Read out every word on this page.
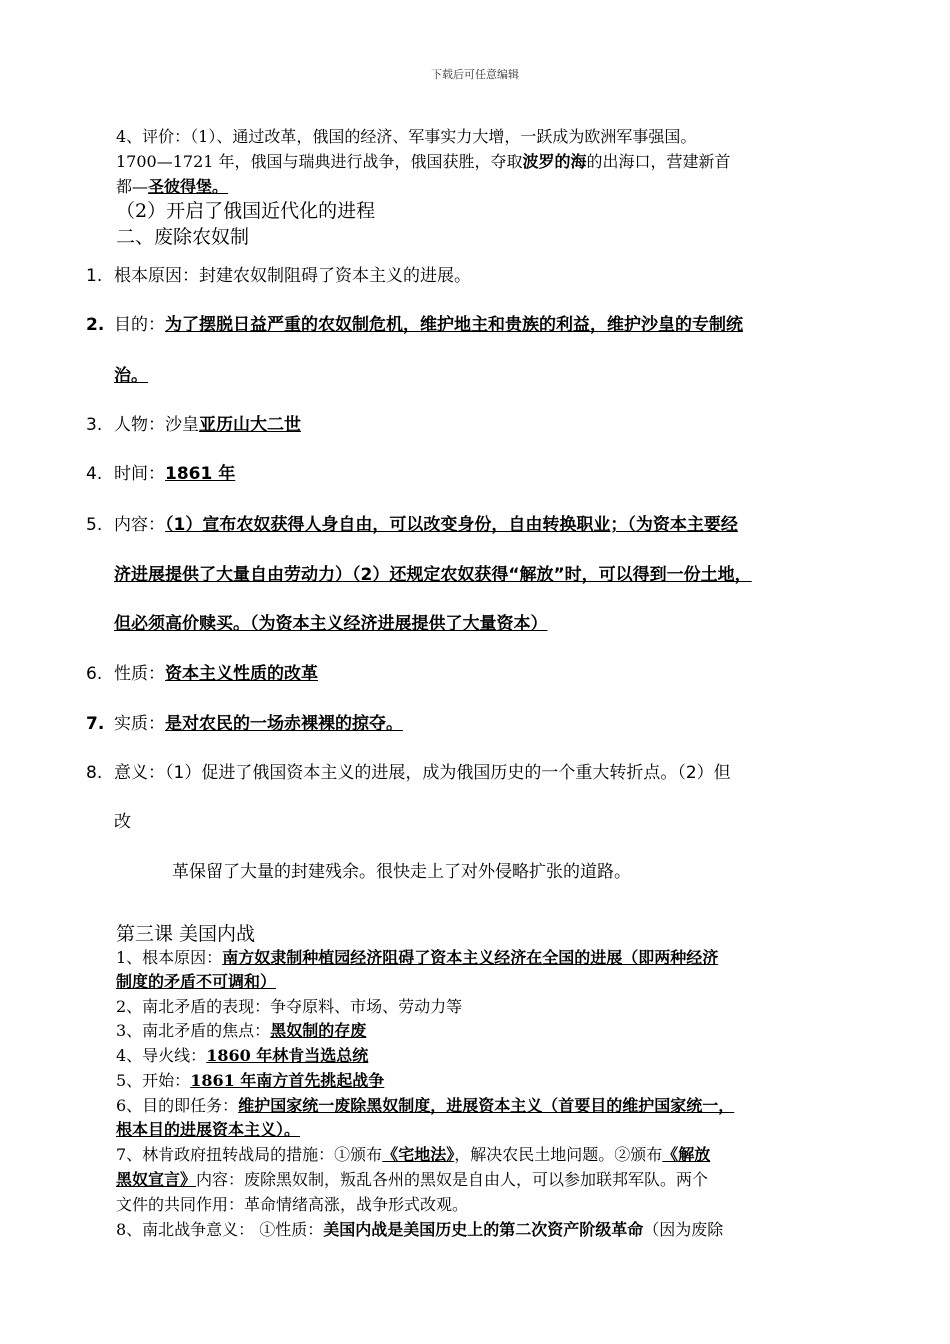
下载后可任意编辑
4、评价：（1）、通过改革，俄国的经济、军事实力大增，一跃成为欧洲军事强国。
1700—1721 年，俄国与瑞典进行战争，俄国获胜，夺取波罗的海的出海口，营建新首
都—圣彼得堡。
（2）开启了俄国近代化的进程
二、废除农奴制
1. 根本原因：封建农奴制阻碍了资本主义的进展。
2. 目的：为了摆脱日益严重的农奴制危机，维护地主和贵族的利益，维护沙皇的专制统
治。
3. 人物：沙皇亚历山大二世
4. 时间：1861 年
5. 内容：（1）宣布农奴获得人身自由，可以改变身份，自由转换职业；（为资本主要经
济进展提供了大量自由劳动力）（2）还规定农奴获得“解放”时，可以得到一份土地，
但必须高价赎买。（为资本主义经济进展提供了大量资本）
6. 性质：资本主义性质的改革
7. 实质：是对农民的一场赤裸裸的掠夺。
8. 意义：（1）促进了俄国资本主义的进展，成为俄国历史的一个重大转折点。（2）但
改
革保留了大量的封建残余。很快走上了对外侵略扩张的道路。
第三课 美国内战
1、根本原因：南方奴隶制种植园经济阻碍了资本主义经济在全国的进展（即两种经济
制度的矛盾不可调和）
2、南北矛盾的表现：争夺原料、市场、劳动力等
3、南北矛盾的焦点：黑奴制的存废
4、导火线：1860 年林肯当选总统
5、开始：1861 年南方首先挑起战争
6、目的即任务：维护国家统一废除黑奴制度，进展资本主义（首要目的维护国家统一，
根本目的进展资本主义）。
7、林肯政府扭转战局的措施：①颁布《宅地法》，解决农民土地问题。②颁布《解放
黑奴宣言》内容：废除黑奴制，叛乱各州的黑奴是自由人，可以参加联邦军队。两个
文件的共同作用：革命情绪高涨，战争形式改观。
8、南北战争意义： ①性质：美国内战是美国历史上的第二次资产阶级革命（因为废除
